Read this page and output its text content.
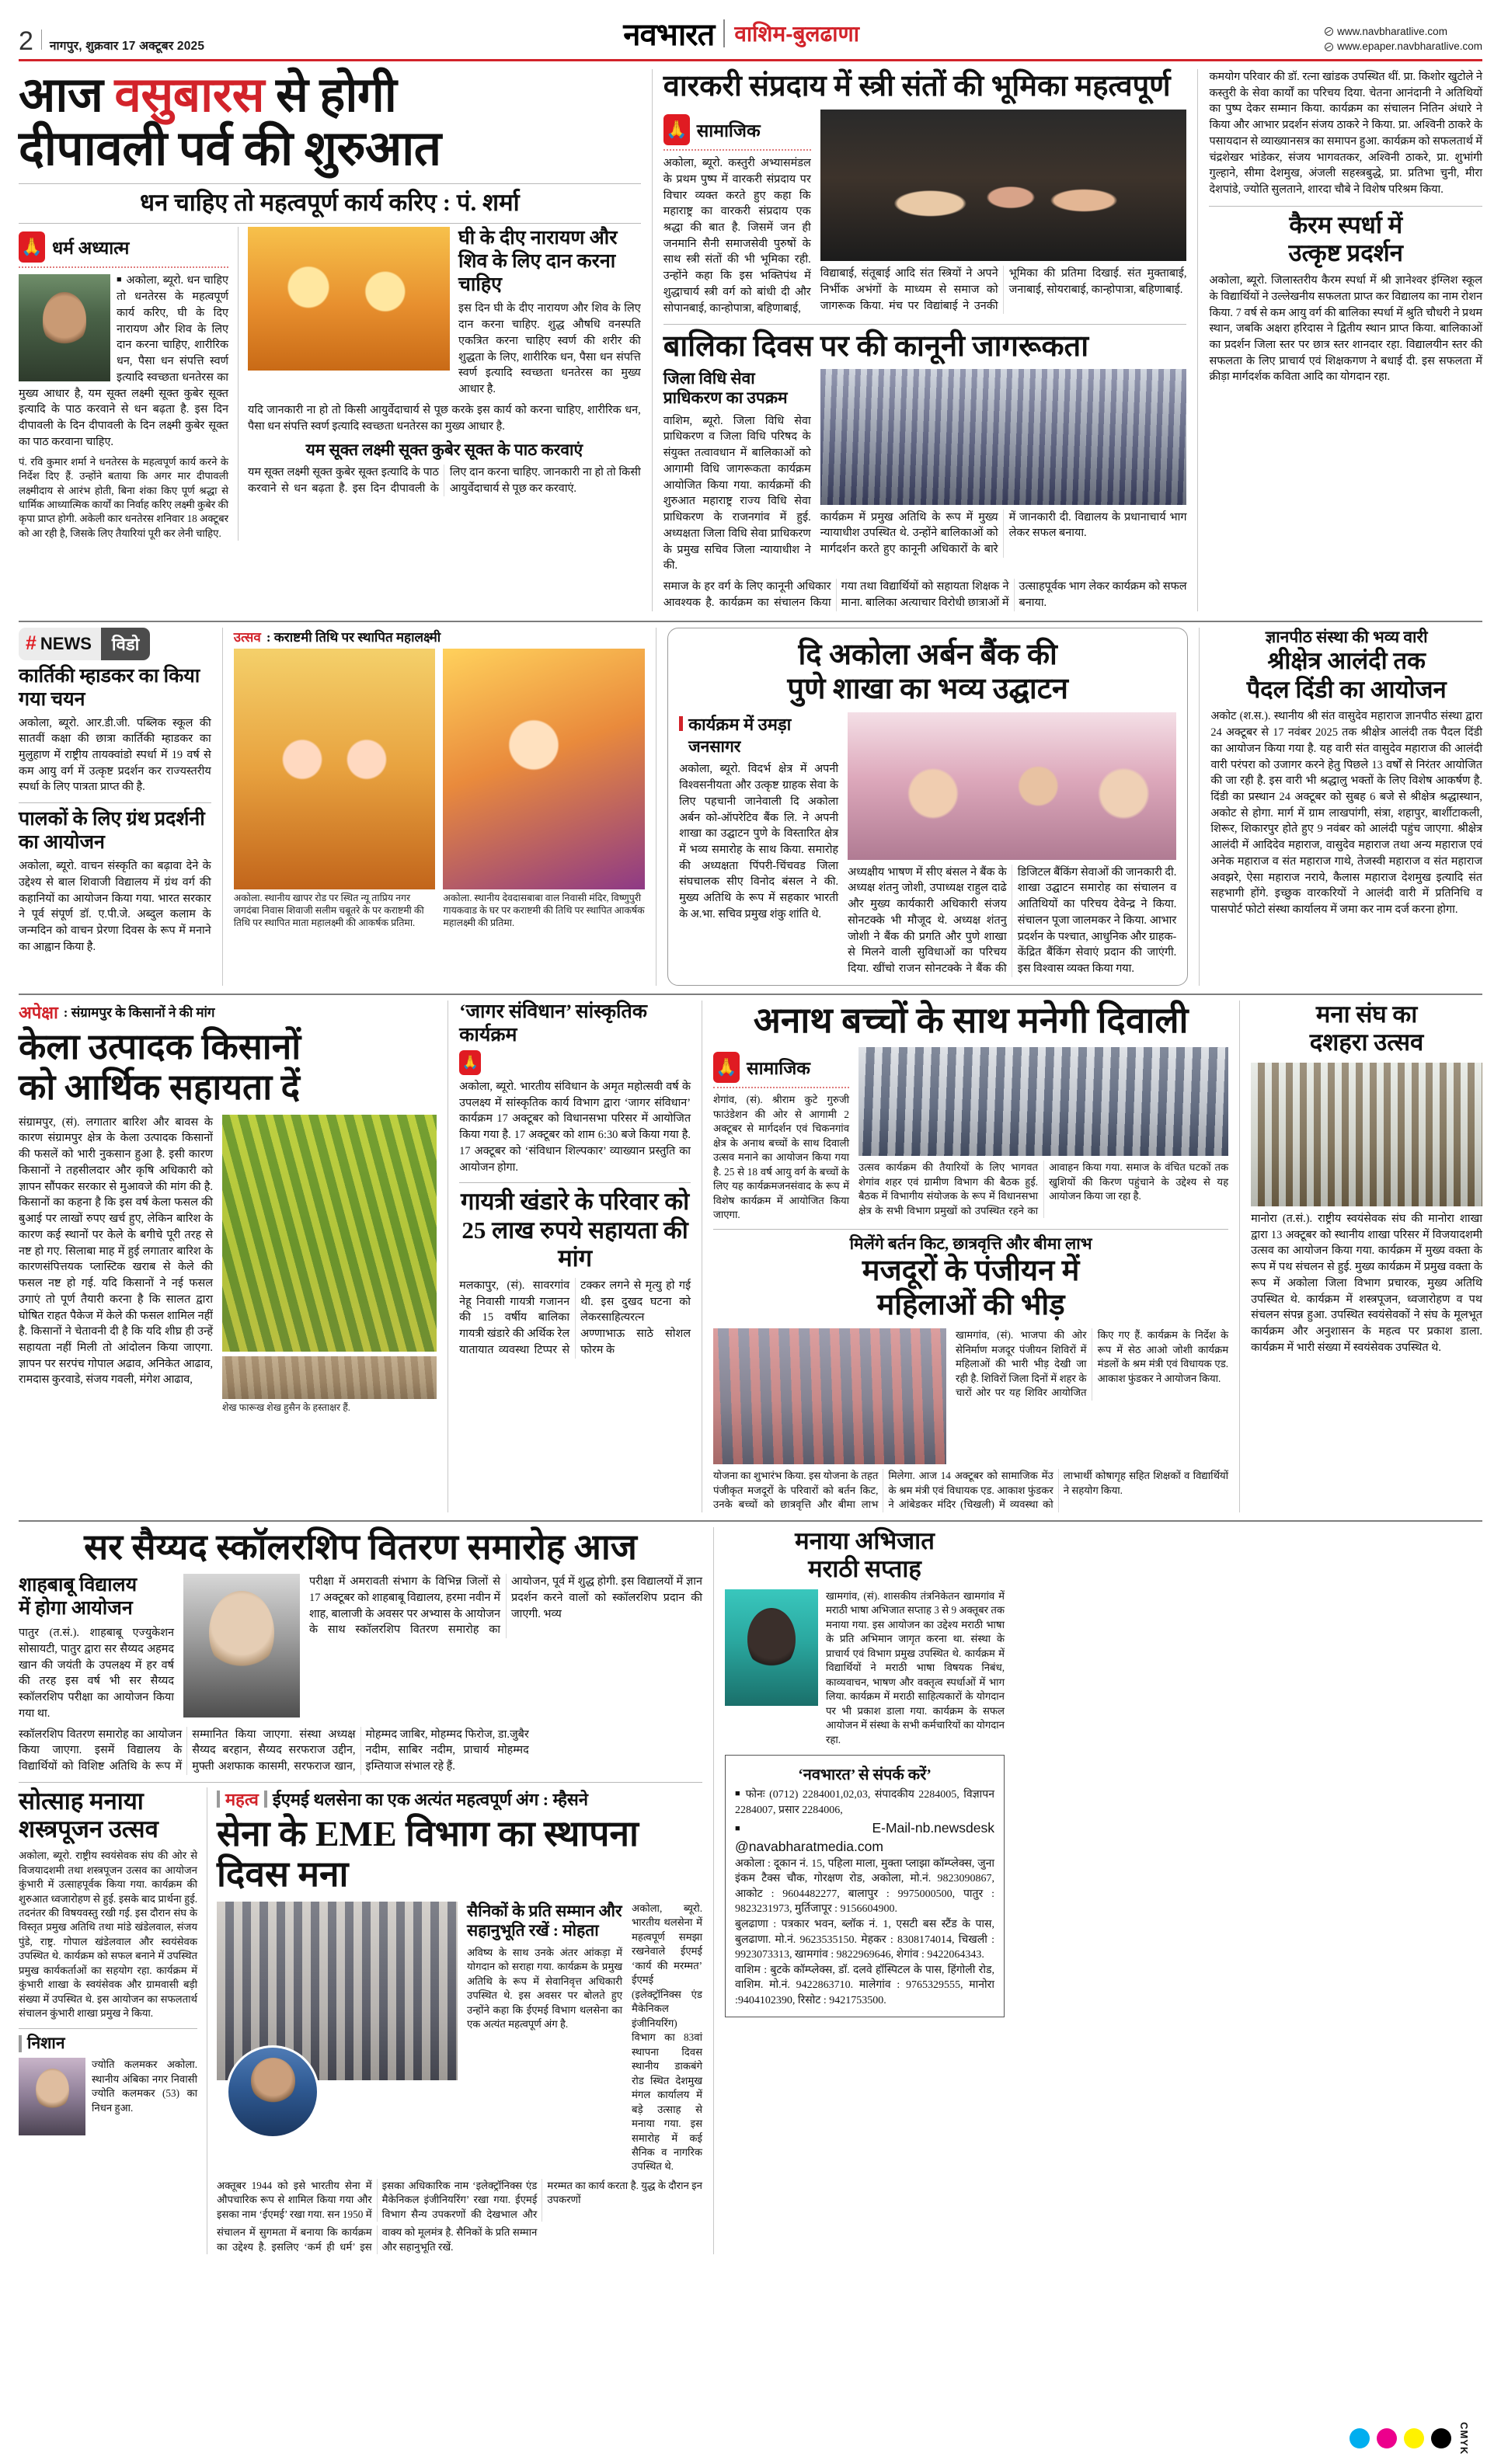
2 नागपुर, शुक्रवार 17 अक्टूबर 2025	नवभारत वाशिम-बुलढाणा	www.navbharatlive.com
www.epaper.navbharatlive.com
आज वसुबारस से होगी
दीपावली पर्व की शुरुआत
धन चाहिए तो महत्वपूर्ण कार्य करिए : पं. शर्मा
🙏 धर्म अध्यात्म
■ अकोला, ब्यूरो. धन चाहिए तो धनतेरस के महत्वपूर्ण कार्य करिए, घी के दिए नारायण और शिव के लिए दान करना चाहिए, शारीरिक धन, पैसा धन संपत्ति स्वर्ण इत्यादि स्वच्छता धनतेरस का मुख्य आधार है, यम सूक्त लक्ष्मी सूक्त कुबेर सूक्त इत्यादि के पाठ करवाने से धन बढ़ता है. इस दिन दीपावली के दिन दीपावली के दिन लक्ष्मी कुबेर सूक्त का पाठ करवाना चाहिए.
पं. रवि कुमार शर्मा ने धनतेरस के महत्वपूर्ण कार्य करने के निर्देश दिए हैं. उन्होंने बताया कि अगर मार दीपावली लक्ष्मीदाय से आरंभ होती, बिना शंका किए पूर्ण श्रद्धा से धार्मिक आध्यात्मिक कार्यों का निर्वाह करिए लक्ष्मी कुबेर की कृपा प्राप्त होगी. अकेली कार धनतेरस शनिवार 18 अक्टूबर को आ रही है, जिसके लिए तैयारियां पूरी कर लेनी चाहिए.
घी के दीए नारायण और शिव के लिए दान करना चाहिए
इस दिन घी के दीए नारायण और शिव के लिए दान करना चाहिए. शुद्ध औषधि वनस्पति एकत्रित करना चाहिए स्वर्ण की शरीर की शुद्धता के लिए, शारीरिक धन, पैसा धन संपत्ति स्वर्ण इत्यादि स्वच्छता धनतेरस का मुख्य आधार है.
यदि जानकारी ना हो तो किसी आयुर्वेदाचार्य से पूछ करके इस कार्य को करना चाहिए, शारीरिक धन, पैसा धन संपत्ति स्वर्ण इत्यादि स्वच्छता धनतेरस का मुख्य आधार है.
यम सूक्त लक्ष्मी सूक्त कुबेर सूक्त के पाठ करवाएं
यम सूक्त लक्ष्मी सूक्त कुबेर सूक्त इत्यादि के पाठ करवाने से धन बढ़ता है. इस दिन दीपावली के लिए दान करना चाहिए. जानकारी ना हो तो किसी आयुर्वेदाचार्य से पूछ कर करवाएं.
वारकरी संप्रदाय में स्त्री संतों की भूमिका महत्वपूर्ण
🙏 सामाजिक
अकोला, ब्यूरो. कस्तुरी अभ्यासमंडल के प्रथम पुष्प में वारकरी संप्रदाय पर विचार व्यक्त करते हुए कहा कि महाराष्ट्र का वारकरी संप्रदाय एक श्रद्धा की बात है. जिसमें जन ही जनमानि सैनी समाजसेवी पुरुषों के साथ स्त्री संतों की भी भूमिका रही. उन्होंने कहा कि इस भक्तिपंथ में शुद्धाचार्य स्त्री वर्ग को बांधी दी और सोपानबाई, कान्होपात्रा, बहिणाबाई,
विद्याबाई, संतूबाई आदि संत स्त्रियों ने अपने निर्भीक अभंगों के माध्यम से समाज को जागरूक किया. मंच पर विद्यांबाई ने उनकी भूमिका की प्रतिमा दिखाई. संत मुक्ताबाई, जनाबाई, सोयराबाई, कान्होपात्रा, बहिणाबाई.
बालिका दिवस पर की कानूनी जागरूकता
जिला विधि सेवा प्राधिकरण का उपक्रम
वाशिम, ब्यूरो. जिला विधि सेवा प्राधिकरण व जिला विधि परिषद के संयुक्त तत्वावधान में बालिकाओं को आगामी विधि जागरूकता कार्यक्रम आयोजित किया गया. कार्यक्रमों की शुरुआत महाराष्ट्र राज्य विधि सेवा प्राधिकरण के राजनगांव में हुई. अध्यक्षता जिला विधि सेवा प्राधिकरण के प्रमुख सचिव जिला न्यायाधीश ने की.
कार्यक्रम में प्रमुख अतिथि के रूप में मुख्य न्यायाधीश उपस्थित थे. उन्होंने बालिकाओं को मार्गदर्शन करते हुए कानूनी अधिकारों के बारे में जानकारी दी. विद्यालय के प्रधानाचार्य भाग लेकर सफल बनाया.
समाज के हर वर्ग के लिए कानूनी अधिकार आवश्यक है. कार्यक्रम का संचालन किया गया तथा विद्यार्थियों को सहायता शिक्षक ने माना. बालिका अत्याचार विरोधी छात्राओं में उत्साहपूर्वक भाग लेकर कार्यक्रम को सफल बनाया.
कमयोग परिवार की डॉ. रत्ना खांडक उपस्थित थीं. प्रा. किशोर खुटोले ने कस्तुरी के सेवा कार्यों का परिचय दिया. चेतना आनंदानी ने अतिथियों का पुष्प देकर सम्मान किया. कार्यक्रम का संचालन नितिन अंधारे ने किया और आभार प्रदर्शन संजय ठाकरे ने किया. प्रा. अश्विनी ठाकरे के पसायदान से व्याख्यानसत्र का समापन हुआ. कार्यक्रम को सफलतार्थ में चंद्रशेखर भांडेकर, संजय भागवतकर, अश्विनी ठाकरे, प्रा. शुभांगी गुल्हाने, सीमा देशमुख, अंजली सहस्त्रबुद्धे, प्रा. प्रतिभा चुनी, मीरा देशपांडे, ज्योति सुलताने, शारदा चौबे ने विशेष परिश्रम किया.
कैरम स्पर्धा में
उत्कृष्ट प्रदर्शन
अकोला, ब्यूरो. जिलास्तरीय कैरम स्पर्धा में श्री ज्ञानेश्वर इंग्लिश स्कूल के विद्यार्थियों ने उल्लेखनीय सफलता प्राप्त कर विद्यालय का नाम रोशन किया. 7 वर्ष से कम आयु वर्ग की बालिका स्पर्धा में श्रुति चौधरी ने प्रथम स्थान, जबकि अक्षरा हरिदास ने द्वितीय स्थान प्राप्त किया. बालिकाओं का प्रदर्शन जिला स्तर पर छात्र स्तर शानदार रहा. विद्यालयीन स्तर की सफलता के लिए प्राचार्य एवं शिक्षकगण ने बधाई दी. इस सफलता में क्रीड़ा मार्गदर्शक कविता आदि का योगदान रहा.
# NEWS	विडो
कार्तिकी म्हाडकर का किया गया चयन
अकोला, ब्यूरो. आर.डी.जी. पब्लिक स्कूल की सातवीं कक्षा की छात्रा कार्तिकी म्हाडकर का मुलुहाण में राष्ट्रीय तायक्वांडो स्पर्धा में 19 वर्ष से कम आयु वर्ग में उत्कृष्ट प्रदर्शन कर राज्यस्तरीय स्पर्धा के लिए पात्रता प्राप्त की है.
पालकों के लिए ग्रंथ प्रदर्शनी का आयोजन
अकोला, ब्यूरो. वाचन संस्कृति का बढ़ावा देने के उद्देश्य से बाल शिवाजी विद्यालय में ग्रंथ वर्ग की कहानियों का आयोजन किया गया. भारत सरकार ने पूर्व संपूर्ण डॉ. ए.पी.जे. अब्दुल कलाम के जन्मदिन को वाचन प्रेरणा दिवस के रूप में मनाने का आह्वान किया है.
उत्सव : कराष्टमी तिथि पर स्थापित महालक्ष्मी
अकोला. स्थानीय खापर रोड पर स्थित न्यू ताप्रिय नगर जगदंबा निवास शिवाजी सलीम चबूतरे के पर कराष्टमी की तिथि पर स्थापित माता महालक्ष्मी की आकर्षक प्रतिमा.
अकोला. स्थानीय देवदासबाबा वाल निवासी मंदिर, विष्णुपुरी गायकवाड के घर पर कराष्टमी की तिथि पर स्थापित आकर्षक महालक्ष्मी की प्रतिमा.
दि अकोला अर्बन बैंक की
पुणे शाखा का भव्य उद्घाटन
कार्यक्रम में उमड़ा
जनसागर
अकोला, ब्यूरो. विदर्भ क्षेत्र में अपनी विश्वसनीयता और उत्कृष्ट ग्राहक सेवा के लिए पहचानी जानेवाली दि अकोला अर्बन को-ऑपरेटिव बैंक लि. ने अपनी शाखा का उद्घाटन पुणे के विस्तारित क्षेत्र में भव्य समारोह के साथ किया. समारोह की अध्यक्षता पिंपरी-चिंचवड जिला संघचालक सीए विनोद बंसल ने की. मुख्य अतिथि के रूप में सहकार भारती के अ.भा. सचिव प्रमुख शंकु शांति थे.
अध्यक्षीय भाषण में सीए बंसल ने बैंक के अध्यक्ष शंतनु जोशी, उपाध्यक्ष राहुल दाढे और मुख्य कार्यकारी अधिकारी संजय सोनटक्के भी मौजूद थे. अध्यक्ष शंतनु जोशी ने बैंक की प्रगति और पुणे शाखा से मिलने वाली सुविधाओं का परिचय दिया. खींचो राजन सोनटक्के ने बैंक की डिजिटल बैंकिंग सेवाओं की जानकारी दी. शाखा उद्घाटन समारोह का संचालन व आतिथियों का परिचय देवेन्द्र ने किया. संचालन पूजा जालमकर ने किया. आभार प्रदर्शन के पश्चात, आधुनिक और ग्राहक-केंद्रित बैंकिंग सेवाएं प्रदान की जाएंगी. इस विश्वास व्यक्त किया गया.
ज्ञानपीठ संस्था की भव्य वारी
श्रीक्षेत्र आलंदी तक
पैदल दिंडी का आयोजन
अकोट (श.स.). स्थानीय श्री संत वासुदेव महाराज ज्ञानपीठ संस्था द्वारा 24 अक्टूबर से 17 नवंबर 2025 तक श्रीक्षेत्र आलंदी तक पैदल दिंडी का आयोजन किया गया है. यह वारी संत वासुदेव महाराज की आलंदी वारी परंपरा को उजागर करने हेतु पिछले 13 वर्षों से निरंतर आयोजित की जा रही है. इस वारी भी श्रद्धालु भक्तों के लिए विशेष आकर्षण है. दिंडी का प्रस्थान 24 अक्टूबर को सुबह 6 बजे से श्रीक्षेत्र श्रद्धास्थान, अकोट से होगा. मार्ग में ग्राम लाखपांगी, संत्रा, शहापुर, बार्शीटाकली, शिरूर, शिकारपुर होते हुए 9 नवंबर को आलंदी पहुंच जाएगा. श्रीक्षेत्र आलंदी में आदिदेव महाराज, वासुदेव महाराज तथा अन्य महाराज एवं अनेक महाराज व संत महाराज गाथे, तेजस्वी महाराज व संत महाराज अवझरे, ऐसा महाराज नराये, कैलास महाराज देशमुख इत्यादि संत सहभागी होंगे. इच्छुक वारकरियों ने आलंदी वारी में प्रतिनिधि व पासपोर्ट फोटो संस्था कार्यालय में जमा कर नाम दर्ज करना होगा.
अपेक्षा : संग्रामपुर के किसानों ने की मांग
केला उत्पादक किसानों
को आर्थिक सहायता दें
संग्रामपुर, (सं). लगातार बारिश और बावस के कारण संग्रामपुर क्षेत्र के केला उत्पादक किसानों की फसलें को भारी नुकसान हुआ है. इसी कारण किसानों ने तहसीलदार और कृषि अधिकारी को ज्ञापन सौंपकर सरकार से मुआवजे की मांग की है. किसानों का कहना है कि इस वर्ष केला फसल की बुआई पर लाखों रुपए खर्च हुए, लेकिन बारिश के कारण कई स्थानों पर केले के बगीचे पूरी तरह से नष्ट हो गए. सिलाबा माह में हुई लगातार बारिश के कारणसंपित्तयक प्लास्टिक खराब से केले की फसल नष्ट हो गई. यदि किसानों ने नई फसल उगाएं तो पूर्ण तैयारी करना है कि सालत द्वारा घोषित राहत पैकेज में केले की फसल शामिल नहीं है. किसानों ने चेतावनी दी है कि यदि शीघ्र ही उन्हें सहायता नहीं मिली तो आंदोलन किया जाएगा. ज्ञापन पर सरपंच गोपाल अढाव, अनिकेत आढाव, रामदास कुरवाडे, संजय गवली, मंगेश आढाव,
शेख फारूख शेख हुसैन के हस्ताक्षर हैं.
‘जागर संविधान’ सांस्कृतिक कार्यक्रम
🙏
अकोला, ब्यूरो. भारतीय संविधान के अमृत महोत्सवी वर्ष के उपलक्ष्य में सांस्कृतिक कार्य विभाग द्वारा ‘जागर संविधान’ कार्यक्रम 17 अक्टूबर को विधानसभा परिसर में आयोजित किया गया है. 17 अक्टूबर को शाम 6:30 बजे किया गया है. 17 अक्टूबर को ‘संविधान शिल्पकार’ व्याख्यान प्रस्तुति का आयोजन होगा.
गायत्री खंडारे के परिवार को
25 लाख रुपये सहायता की मांग
मलकापुर, (सं). सावरगांव नेहू निवासी गायत्री गजानन की 15 वर्षीय बालिका गायत्री खंडारे की अर्थिक रेल यातायात व्यवस्था टिप्पर से टक्कर लगने से मृत्यु हो गई थी. इस दुखद घटना को लेकरसाहित्यरत्न अण्णाभाऊ साठे सोशल फोरम के
अनाथ बच्चों के साथ मनेगी दिवाली
🙏 सामाजिक
शेगांव, (सं). श्रीराम कुटे गुरुजी फाउंडेशन की ओर से आगामी 2 अक्टूबर से मार्गदर्शन एवं चिकनगांव क्षेत्र के अनाथ बच्चों के साथ दिवाली उत्सव मनाने का आयोजन किया गया है. 25 से 18 वर्ष आयु वर्ग के बच्चों के लिए यह कार्यक्रमजनसंवाद के रूप में विशेष कार्यक्रम में आयोजित किया जाएगा.
उत्सव कार्यक्रम की तैयारियों के लिए भागवत शेगांव शहर एवं ग्रामीण विभाग की बैठक हुई. बैठक में विभागीय संयोजक के रूप में विधानसभा क्षेत्र के सभी विभाग प्रमुखों को उपस्थित रहने का आवाहन किया गया. समाज के वंचित घटकों तक खुशियों की किरण पहुंचाने के उद्देश्य से यह आयोजन किया जा रहा है.
मिलेंगे बर्तन किट, छात्रवृत्ति और बीमा लाभ
मजदूरों के पंजीयन में
महिलाओं की भीड़
खामगांव, (सं). भाजपा की ओर सेनिर्माण मजदूर पंजीयन शिविरों में महिलाओं की भारी भीड़ देखी जा रही है. शिविरों जिला दिनों में शहर के चारों ओर पर यह शिविर आयोजित किए गए हैं. कार्यक्रम के निर्देश के रूप में सेठ आओ जोशी कार्यक्रम मंडलों के श्रम मंत्री एवं विधायक एड. आकाश फुंडकर ने आयोजन किया.
योजना का शुभारंभ किया. इस योजना के तहत पंजीकृत मजदूरों के परिवारों को बर्तन किट, उनके बच्चों को छात्रवृत्ति और बीमा लाभ मिलेगा. आज 14 अक्टूबर को सामाजिक मेंउ के श्रम मंत्री एवं विधायक एड. आकाश फुंडकर ने आंबेडकर मंदिर (चिखली) में व्यवस्था को लाभार्थी कोषागृह सहित शिक्षकों व विद्यार्थियों ने सहयोग किया.
मना संघ का
दशहरा उत्सव
मानोरा (त.सं.). राष्ट्रीय स्वयंसेवक संघ की मानोरा शाखा द्वारा 13 अक्टूबर को स्थानीय शाखा परिसर में विजयादशमी उत्सव का आयोजन किया गया. कार्यक्रम में मुख्य वक्ता के रूप में पथ संचलन से हुई. मुख्य कार्यक्रम में प्रमुख वक्ता के रूप में अकोला जिला विभाग प्रचारक, मुख्य अतिथि उपस्थित थे. कार्यक्रम में शस्त्रपूजन, ध्वजारोहण व पथ संचलन संपन्न हुआ. उपस्थित स्वयंसेवकों ने संघ के मूलभूत कार्यक्रम और अनुशासन के महत्व पर प्रकाश डाला. कार्यक्रम में भारी संख्या में स्वयंसेवक उपस्थित थे.
सर सैय्यद स्कॉलरशिप वितरण समारोह आज
शाहबाबू विद्यालय
में होगा आयोजन
पातुर (त.सं.). शाहबाबू एज्युकेशन सोसायटी, पातुर द्वारा सर सैय्यद अहमद खान की जयंती के उपलक्ष्य में हर वर्ष की तरह इस वर्ष भी सर सैय्यद स्कॉलरशिप परीक्षा का आयोजन किया गया था.
परीक्षा में अमरावती संभाग के विभिन्न जिलों से 17 अक्टूबर को शाहबाबू विद्यालय, हरमा नवीन में शाह, बालाजी के अवसर पर अभ्यास के आयोजन के साथ स्कॉलरशिप वितरण समारोह का आयोजन, पूर्व में शुद्ध होगी. इस विद्यालयों में ज्ञान प्रदर्शन करने वालों को स्कॉलरशिप प्रदान की जाएगी. भव्य
स्कॉलरशिप वितरण समारोह का आयोजन किया जाएगा. इसमें विद्यालय के विद्यार्थियों को विशिष्ट अतिथि के रूप में सम्मानित किया जाएगा. संस्था अध्यक्ष सैय्यद बरहान, सैय्यद सरफराज उद्दीन, मुफ्ती अशफाक कासमी, सरफराज खान, मोहम्मद जाबिर, मोहम्मद फिरोज, डा.जुबैर नदीम, साबिर नदीम, प्राचार्य मोहम्मद इम्तियाज संभाल रहे हैं.
सोत्साह मनाया
शस्त्रपूजन उत्सव
अकोला, ब्यूरो. राष्ट्रीय स्वयंसेवक संघ की ओर से विजयादशमी तथा शस्त्रपूजन उत्सव का आयोजन कुंभारी में उत्साहपूर्वक किया गया. कार्यक्रम की शुरुआत ध्वजारोहण से हुई. इसके बाद प्रार्थना हुई. तदनंतर की विषयवस्तु रखी गई. इस दौरान संघ के विस्तृत प्रमुख अतिथि तथा मांडे खंडेलवाल, संजय पुंडे, राष्ट्र. गोपाल खंडेलवाल और स्वयंसेवक उपस्थित थे. कार्यक्रम को सफल बनाने में उपस्थित प्रमुख कार्यकर्ताओं का सहयोग रहा. कार्यक्रम में कुंभारी शाखा के स्वयंसेवक और ग्रामवासी बड़ी संख्या में उपस्थित थे. इस आयोजन का सफलतार्थ संचालन कुंभारी शाखा प्रमुख ने किया.
निशान
ज्योति कलमकर अकोला. स्थानीय अंबिका नगर निवासी ज्योति कलमकर (53) का निधन हुआ.
महत्व ईएमई थलसेना का एक अत्यंत महत्वपूर्ण अंग : म्हैसने
सेना के EME विभाग का स्थापना दिवस मना
सैनिकों के प्रति सम्मान और
सहानुभूति रखें : मोहता
अविष्य के साथ उनके अंतर आंकड़ा में योगदान को सराहा गया. कार्यक्रम के प्रमुख अतिथि के रूप में सेवानिवृत्त अधिकारी उपस्थित थे. इस अवसर पर बोलते हुए उन्होंने कहा कि ईएमई विभाग थलसेना का एक अत्यंत महत्वपूर्ण अंग है.
अकोला, ब्यूरो. भारतीय थलसेना में महत्वपूर्ण समझा रखनेवाले ईएमई ‘कार्य की मरम्मत’ ईएमई (इलेक्ट्रॉनिक्स एंड मैकेनिकल इंजीनियरिंग) विभाग का 83वां स्थापना दिवस स्थानीय डाकबंगे रोड स्थित देशमुख मंगल कार्यालय में बड़े उत्साह से मनाया गया. इस समारोह में कई सैनिक व नागरिक उपस्थित थे.
अक्तूबर 1944 को इसे भारतीय सेना में औपचारिक रूप से शामिल किया गया और इसका नाम ‘ईएमई’ रखा गया. सन 1950 में इसका अधिकारिक नाम ‘इलेक्ट्रॉनिक्स एंड मैकेनिकल इंजीनियरिंग’ रखा गया. ईएमई विभाग सैन्य उपकरणों की देखभाल और मरम्मत का कार्य करता है. युद्ध के दौरान इन उपकरणों
संचालन में सुगमता में बनाया कि कार्यक्रम का उद्देश्य है. इसलिए ‘कर्म ही धर्म’ इस वाक्य को मूलमंत्र है. सैनिकों के प्रति सम्मान और सहानुभूति रखें.
मनाया अभिजात
मराठी सप्ताह
खामगांव, (सं). शासकीय तंत्रनिकेतन खामगांव में मराठी भाषा अभिजात सप्ताह 3 से 9 अक्तूबर तक मनाया गया. इस आयोजन का उद्देश्य मराठी भाषा के प्रति अभिमान जागृत करना था. संस्था के प्राचार्य एवं विभाग प्रमुख उपस्थित थे. कार्यक्रम में विद्यार्थियों ने मराठी भाषा विषयक निबंध, काव्यवाचन, भाषण और वक्तृत्व स्पर्धाओं में भाग लिया. कार्यक्रम में मराठी साहित्यकारों के योगदान पर भी प्रकाश डाला गया. कार्यक्रम के सफल आयोजन में संस्था के सभी कर्मचारियों का योगदान रहा.
‘नवभारत’ से संपर्क करें’
■ फोनः (0712) 2284001,02,03, संपादकीय 2284005, विज्ञापन 2284007, प्रसार 2284006,
■ E-Mail-nb.newsdesk @navabharatmedia.com
अकोला : दूकान नं. 15, पहिला माला, मुक्ता प्लाझा कॉम्प्लेक्स, जुना इंकम टैक्स चौक, गोरक्षण रोड, अकोला, मो.नं. 9823090867, आकोट : 9604482277, बालापुर : 9975000500, पातुर : 9823231973, मुर्तिजापूर : 9156604900.
बुलढाणा : पत्रकार भवन, ब्लॉक नं. 1, एसटी बस स्टैंड के पास, बुलढाणा. मो.नं. 9623535150. मेहकर : 8308174014, चिखली : 9923073313, खामगांव : 9822969646, शेगांव : 9422064343.
वाशिम : बुटके कॉम्प्लेक्स, डॉ. दलवे हॉस्पिटल के पास, हिंगोली रोड, वाशिम. मो.नं. 9422863710. मालेगांव : 9765329555, मानोरा :9404102390, रिसोट : 9421753500.
CMYK
